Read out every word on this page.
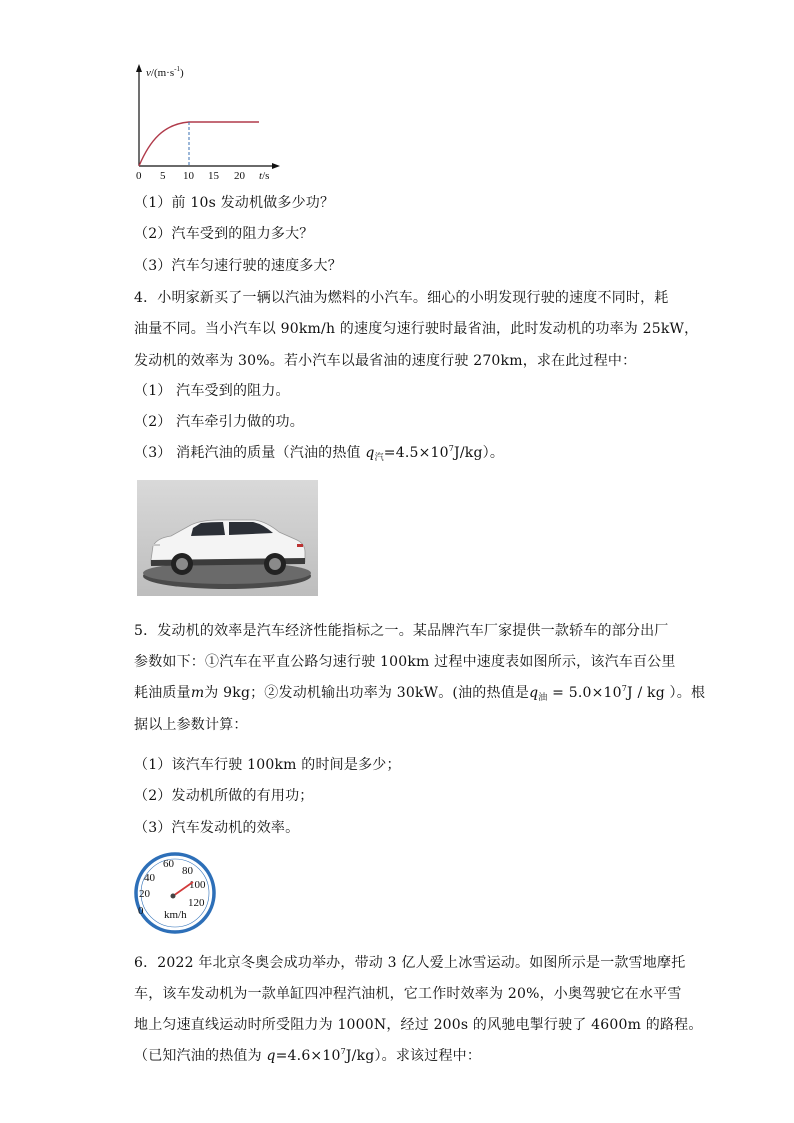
$v/(m\cdot s^{-1})$
0 5 10 15 20 t/s
（1）前 10s 发动机做多少功？
（2）汽车受到的阻力多大？
（3）汽车匀速行驶的速度多大？
4．小明家新买了一辆以汽油为燃料的小汽车。细心的小明发现行驶的速度不同时，耗
油量不同。当小汽车以 90km/h 的速度匀速行驶时最省油，此时发动机的功率为 25kW，
发动机的效率为 30%。若小汽车以最省油的速度行驶 270km，求在此过程中：
（1） 汽车受到的阻力。
（2） 汽车牵引力做的功。
（3） 消耗汽油的质量（汽油的热值 $q_汽=4.5\times 10^7J/kg$）。
5．发动机的效率是汽车经济性能指标之一。某品牌汽车厂家提供一款轿车的部分出厂
参数如下：①汽车在平直公路匀速行驶 100km 过程中速度表如图所示，该汽车百公里
耗油质量m为 9kg；②发动机输出功率为 30kW。(油的热值是$q_油 = 5.0\times 10^7J$ / kg ）。根
据以上参数计算：
（1）该汽车行驶 100km 的时间是多少；
（2）发动机所做的有用功；
（3）汽车发动机的效率。
0
20
40
60
80
100
120
km/h
6．2022 年北京冬奥会成功举办，带动 3 亿人爱上冰雪运动。如图所示是一款雪地摩托
车，该车发动机为一款单缸四冲程汽油机，它工作时效率为 20%，小奥驾驶它在水平雪
地上匀速直线运动时所受阻力为 1000N，经过 200s 的风驰电掣行驶了 4600m 的路程。
（已知汽油的热值为 $q=4.6\times 10^7J/kg$）。求该过程中：
